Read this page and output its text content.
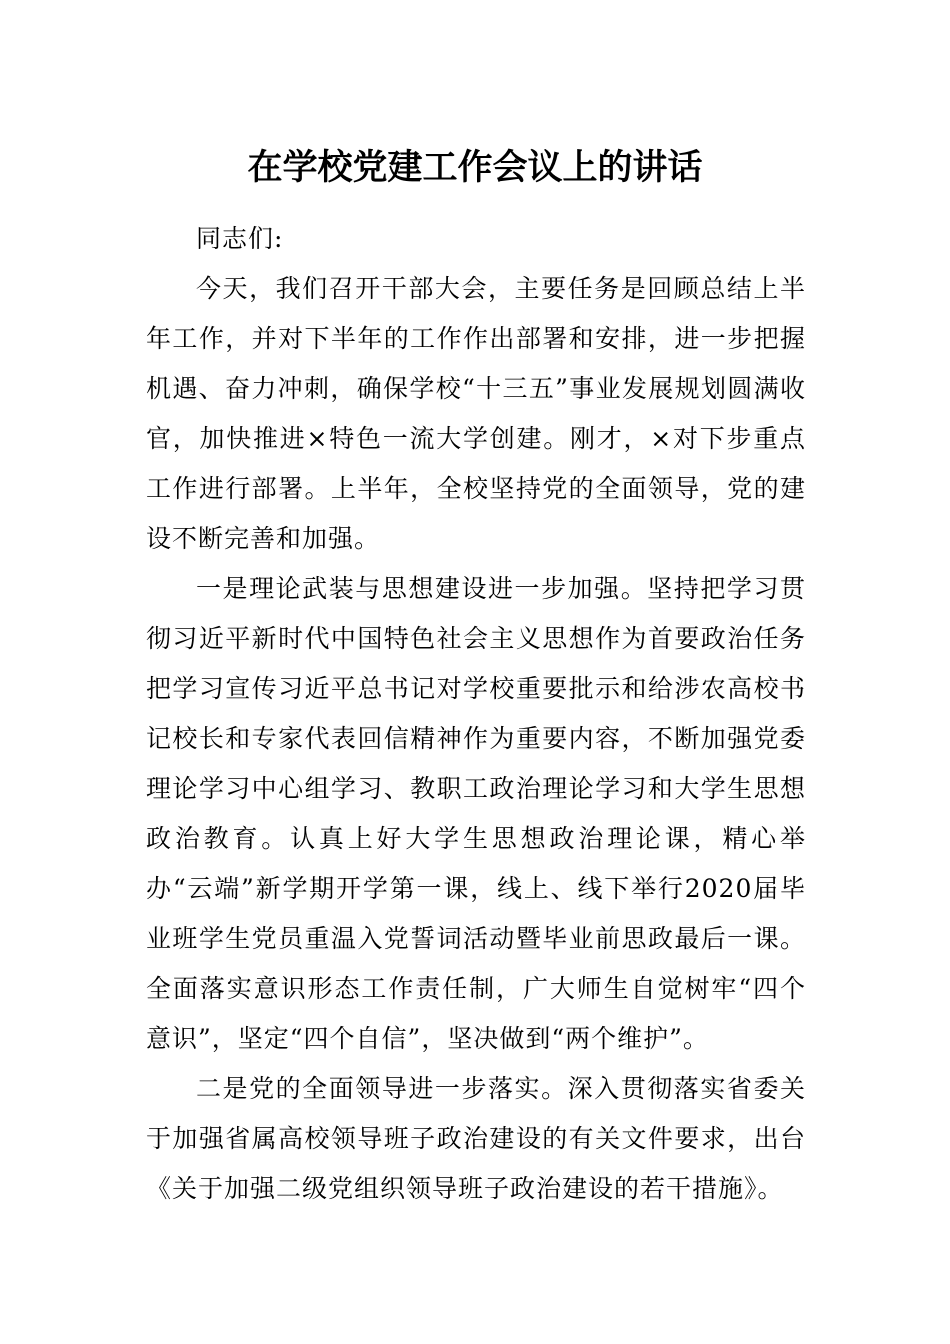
在学校党建工作会议上的讲话

同志们:

今天，我们召开干部大会，主要任务是回顾总结上半年工作，并对下半年的工作作出部署和安排，进一步把握机遇、奋力冲刺，确保学校“十三五”事业发展规划圆满收官，加快推进×特色一流大学创建。刚才，×对下步重点工作进行部署。上半年，全校坚持党的全面领导，党的建设不断完善和加强。

一是理论武装与思想建设进一步加强。坚持把学习贯彻习近平新时代中国特色社会主义思想作为首要政治任务把学习宣传习近平总书记对学校重要批示和给涉农高校书记校长和专家代表回信精神作为重要内容，不断加强党委理论学习中心组学习、教职工政治理论学习和大学生思想政治教育。认真上好大学生思想政治理论课，精心举办“云端”新学期开学第一课，线上、线下举行2020届毕业班学生党员重温入党誓词活动暨毕业前思政最后一课。全面落实意识形态工作责任制，广大师生自觉树牢“四个意识”，坚定“四个自信”，坚决做到“两个维护”。

二是党的全面领导进一步落实。深入贯彻落实省委关于加强省属高校领导班子政治建设的有关文件要求，出台《关于加强二级党组织领导班子政治建设的若干措施》。
